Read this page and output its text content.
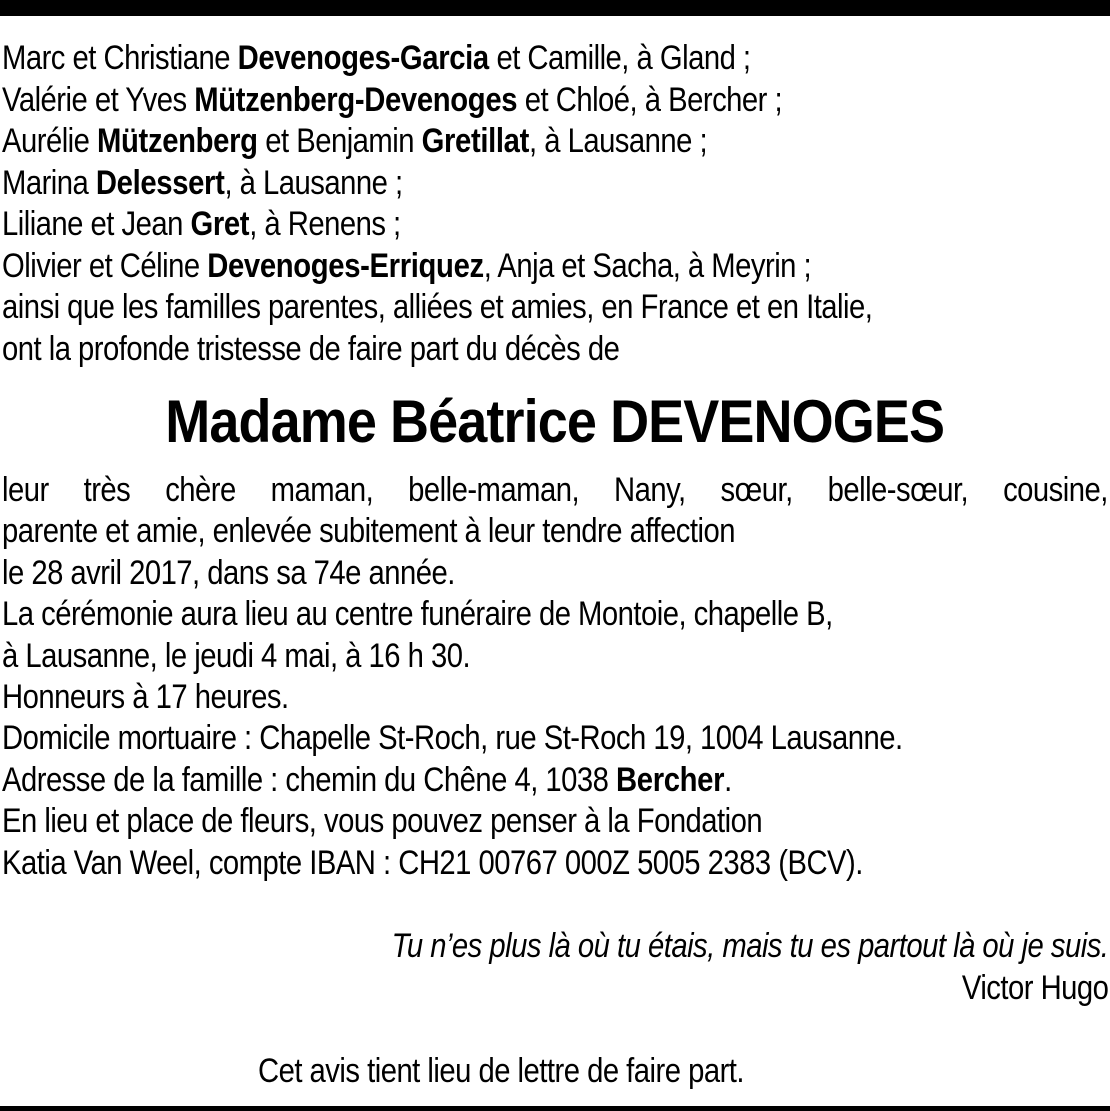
Marc et Christiane Devenoges-Garcia et Camille, à Gland ;
Valérie et Yves Mützenberg-Devenoges et Chloé, à Bercher ;
Aurélie Mützenberg et Benjamin Gretillat, à Lausanne ;
Marina Delessert, à Lausanne ;
Liliane et Jean Gret, à Renens ;
Olivier et Céline Devenoges-Erriquez, Anja et Sacha, à Meyrin ;
ainsi que les familles parentes, alliées et amies, en France et en Italie,
ont la profonde tristesse de faire part du décès de
Madame Béatrice DEVENOGES
leur très chère maman, belle-maman, Nany, sœur, belle-sœur, cousine,
parente et amie, enlevée subitement à leur tendre affection
le 28 avril 2017, dans sa 74e année.
La cérémonie aura lieu au centre funéraire de Montoie, chapelle B,
à Lausanne, le jeudi 4 mai, à 16 h 30.
Honneurs à 17 heures.
Domicile mortuaire : Chapelle St-Roch, rue St-Roch 19, 1004 Lausanne.
Adresse de la famille : chemin du Chêne 4, 1038 Bercher.
En lieu et place de fleurs, vous pouvez penser à la Fondation
Katia Van Weel, compte IBAN : CH21 00767 000Z 5005 2383 (BCV).
Tu n’es plus là où tu étais, mais tu es partout là où je suis.
Victor Hugo
Cet avis tient lieu de lettre de faire part.
